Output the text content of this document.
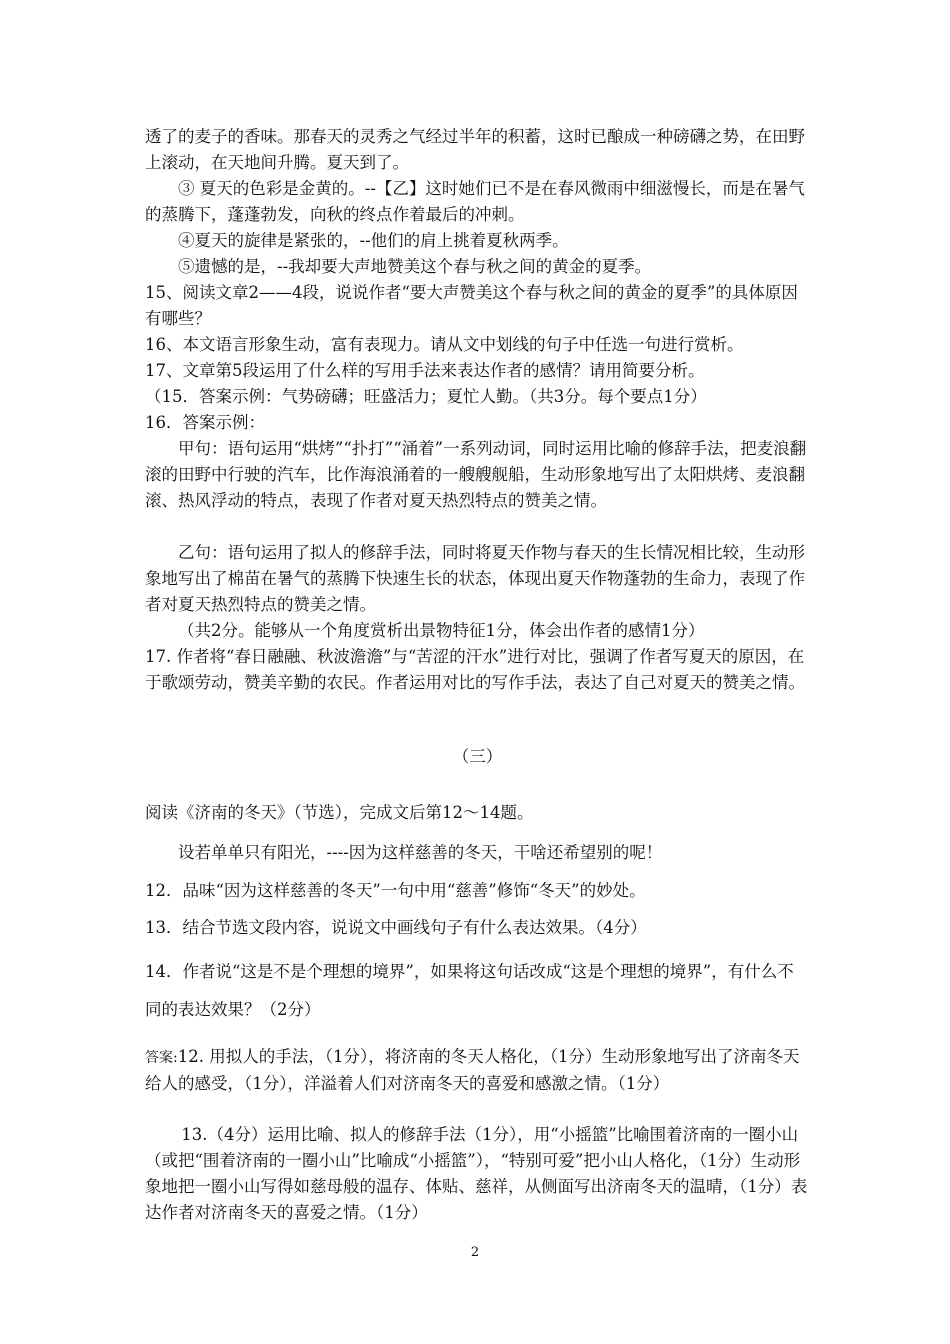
透了的麦子的香味。那春天的灵秀之气经过半年的积蓄，这时已酿成一种磅礴之势，在田野上滚动，在天地间升腾。夏天到了。

③ 夏天的色彩是金黄的。--【乙】这时她们已不是在春风微雨中细滋慢长，而是在暑气的蒸腾下，蓬蓬勃发，向秋的终点作着最后的冲刺。

④夏天的旋律是紧张的，--他们的肩上挑着夏秋两季。

⑤遗憾的是，--我却要大声地赞美这个春与秋之间的黄金的夏季。

15、阅读文章2——4段，说说作者“要大声赞美这个春与秋之间的黄金的夏季”的具体原因有哪些？

16、本文语言形象生动，富有表现力。请从文中划线的句子中任选一句进行赏析。

17、文章第5段运用了什么样的写用手法来表达作者的感情？请用简要分析。

（15．答案示例：气势磅礴；旺盛活力；夏忙人勤。（共3分。每个要点1分）

16．答案示例：

甲句：语句运用“烘烤”“扑打”“涌着”一系列动词，同时运用比喻的修辞手法，把麦浪翻滚的田野中行驶的汽车，比作海浪涌着的一艘艘舰船，生动形象地写出了太阳烘烤、麦浪翻滚、热风浮动的特点，表现了作者对夏天热烈特点的赞美之情。

乙句：语句运用了拟人的修辞手法，同时将夏天作物与春天的生长情况相比较，生动形象地写出了棉苗在暑气的蒸腾下快速生长的状态，体现出夏天作物蓬勃的生命力，表现了作者对夏天热烈特点的赞美之情。

（共2分。能够从一个角度赏析出景物特征1分，体会出作者的感情1分）

17. 作者将“春日融融、秋波澹澹”与“苦涩的汗水”进行对比，强调了作者写夏天的原因，在于歌颂劳动，赞美辛勤的农民。作者运用对比的写作手法，表达了自己对夏天的赞美之情。

（三）

阅读《济南的冬天》（节选），完成文后第12～14题。

设若单单只有阳光，----因为这样慈善的冬天，干啥还希望别的呢！

12．品味“因为这样慈善的冬天”一句中用“慈善”修饰“冬天”的妙处。

13．结合节选文段内容，说说文中画线句子有什么表达效果。（4分）

14．作者说“这是不是个理想的境界”，如果将这句话改成“这是个理想的境界”，有什么不同的表达效果？（2分）

答案:12. 用拟人的手法，（1分），将济南的冬天人格化，（1分）生动形象地写出了济南冬天给人的感受，（1分），洋溢着人们对济南冬天的喜爱和感激之情。（1分）

13.（4分）运用比喻、拟人的修辞手法（1分），用“小摇篮”比喻围着济南的一圈小山（或把“围着济南的一圈小山”比喻成“小摇篮”），“特别可爱”把小山人格化，（1分）生动形象地把一圈小山写得如慈母般的温存、体贴、慈祥，从侧面写出济南冬天的温晴，（1分）表达作者对济南冬天的喜爱之情。（1分）

2
